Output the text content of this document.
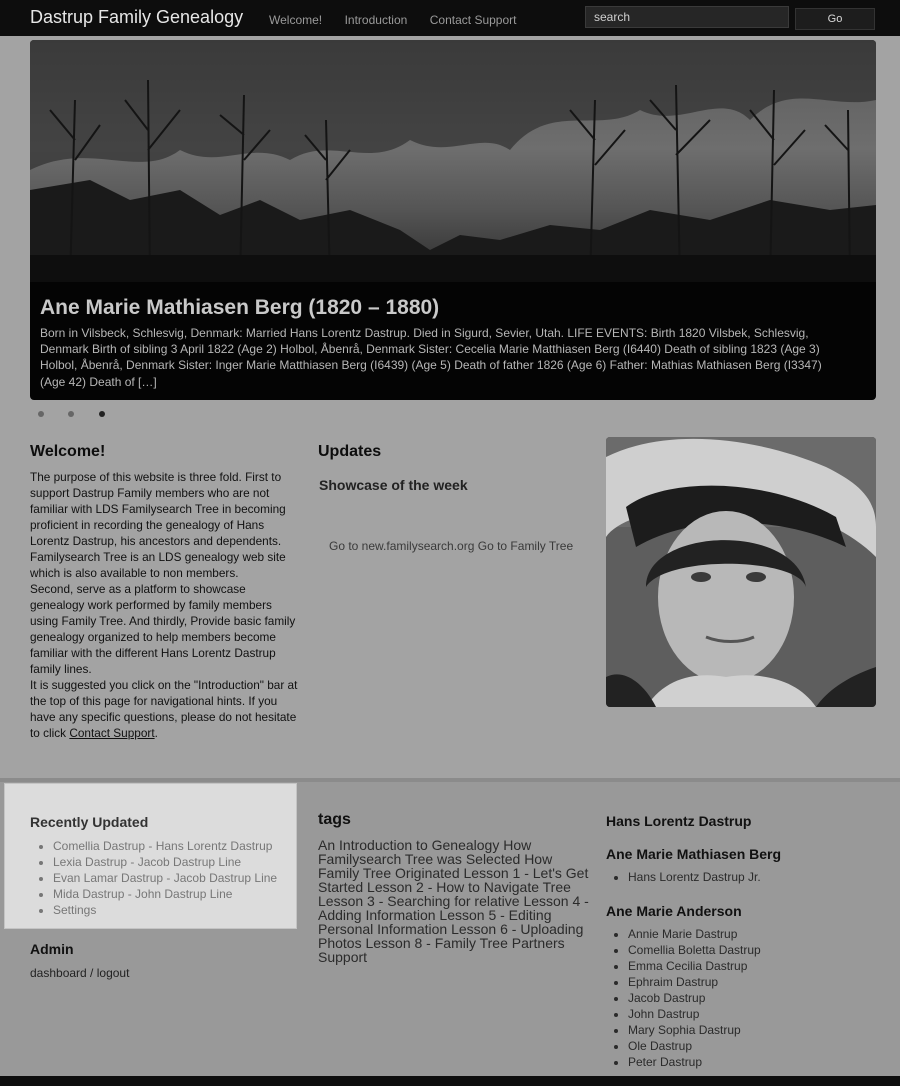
Dastrup Family Genealogy Welcome! Introduction Contact Support
search	Go
Ane Marie Mathiasen Berg (1820 – 1880)
Born in Vilsbeck, Schlesvig, Denmark: Married Hans Lorentz Dastrup. Died in Sigurd, Sevier, Utah. LIFE EVENTS: Birth 1820 Vilsbek, Schlesvig, Denmark Birth of sibling 3 April 1822 (Age 2) Holbol, Åbenrå, Denmark Sister: Cecelia Marie Matthiasen Berg (I6440) Death of sibling 1823 (Age 3) Holbol, Åbenrå, Denmark Sister: Inger Marie Matthiasen Berg (I6439) (Age 5) Death of father 1826 (Age 6) Father: Mathias Mathiasen Berg (I3347) (Age 42) Death of […]

Welcome!

The purpose of this website is three fold. First to support Dastrup Family members who are not familiar with LDS Familysearch Tree in becoming proficient in recording the genealogy of Hans Lorentz Dastrup, his ancestors and dependents. Familysearch Tree is an LDS genealogy web site which is also available to non members.
Second, serve as a platform to showcase genealogy work performed by family members using Family Tree. And thirdly, Provide basic family genealogy organized to help members become familiar with the different Hans Lorentz Dastrup family lines.
It is suggested you click on the "Introduction" bar at the top of this page for navigational hints. If you have any specific questions, please do not hesitate to click Contact Support.

Updates
Showcase of the week
Go to new.familysearch.org Go to Family Tree
Recently Updated
• Comellia Dastrup - Hans Lorentz Dastrup
• Lexia Dastrup - Jacob Dastrup Line
• Evan Lamar Dastrup - Jacob Dastrup Line
• Mida Dastrup - John Dastrup Line
• Settings
Admin
dashboard / logout
tags
An Introduction to Genealogy How Familysearch Tree was Selected How Family Tree Originated Lesson 1 - Let's Get Started Lesson 2 - How to Navigate Tree Lesson 3 - Searching for relative Lesson 4 - Adding Information Lesson 5 - Editing Personal Information Lesson 6 - Uploading Photos Lesson 8 - Family Tree Partners Support
Hans Lorentz Dastrup
Ane Marie Mathiasen Berg
• Hans Lorentz Dastrup Jr.
Ane Marie Anderson
• Annie Marie Dastrup
• Comellia Boletta Dastrup
• Emma Cecilia Dastrup
• Ephraim Dastrup
• Jacob Dastrup
• John Dastrup
• Mary Sophia Dastrup
• Ole Dastrup
• Peter Dastrup
